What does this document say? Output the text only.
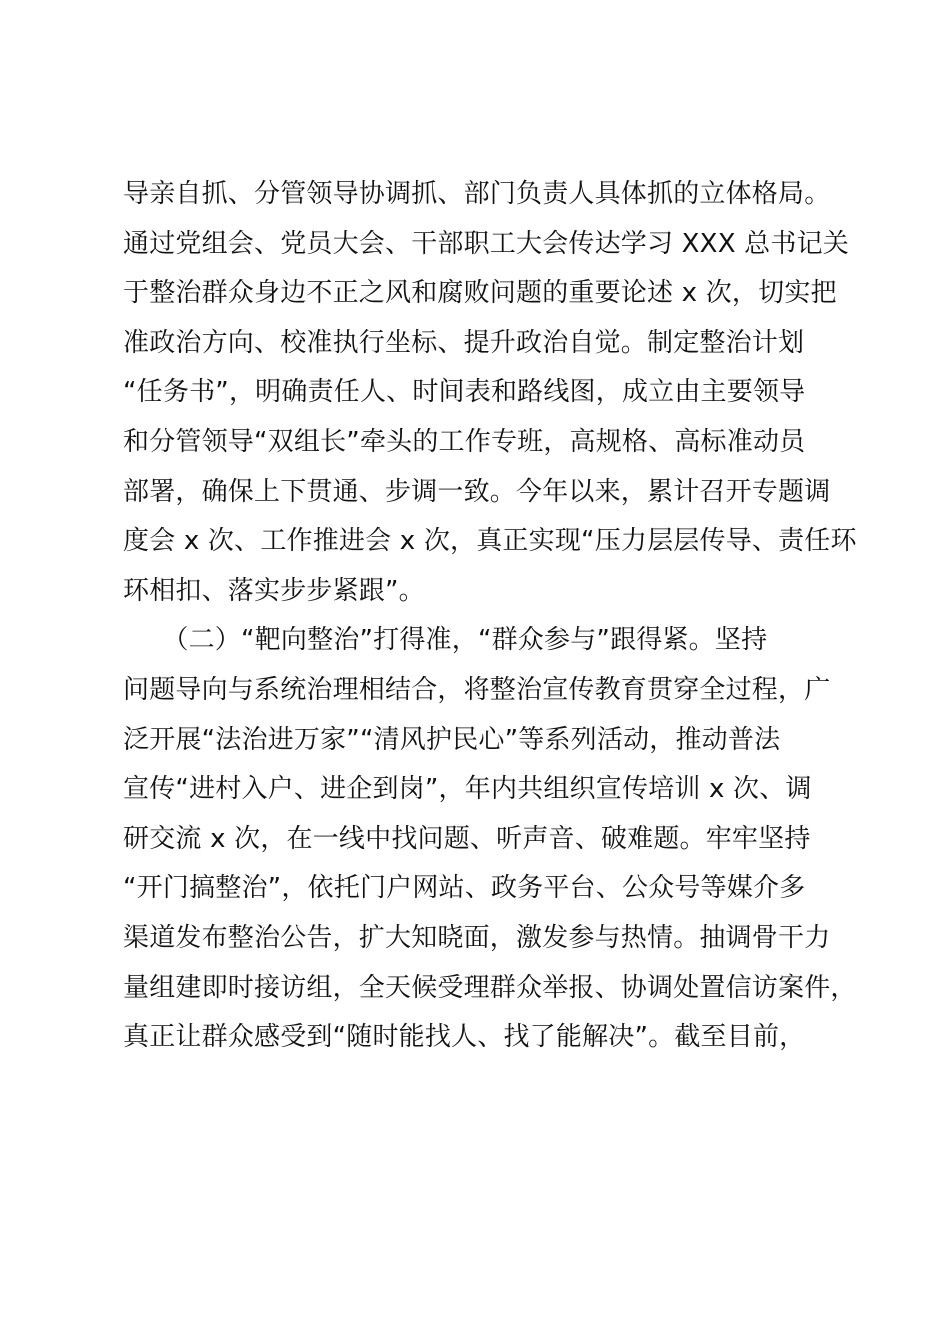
导亲自抓、分管领导协调抓、部门负责人具体抓的立体格局。
通过党组会、党员大会、干部职工大会传达学习 XXX 总书记关
于整治群众身边不正之风和腐败问题的重要论述 x 次，切实把
准政治方向、校准执行坐标、提升政治自觉。制定整治计划
“任务书”，明确责任人、时间表和路线图，成立由主要领导
和分管领导“双组长”牵头的工作专班，高规格、高标准动员
部署，确保上下贯通、步调一致。今年以来，累计召开专题调
度会 x 次、工作推进会 x 次，真正实现“压力层层传导、责任环
环相扣、落实步步紧跟”。
　　（二）“靶向整治”打得准，“群众参与”跟得紧。坚持
问题导向与系统治理相结合，将整治宣传教育贯穿全过程，广
泛开展“法治进万家”“清风护民心”等系列活动，推动普法
宣传“进村入户、进企到岗”，年内共组织宣传培训 x 次、调
研交流 x 次，在一线中找问题、听声音、破难题。牢牢坚持
“开门搞整治”，依托门户网站、政务平台、公众号等媒介多
渠道发布整治公告，扩大知晓面，激发参与热情。抽调骨干力
量组建即时接访组，全天候受理群众举报、协调处置信访案件，
真正让群众感受到“随时能找人、找了能解决”。截至目前，
